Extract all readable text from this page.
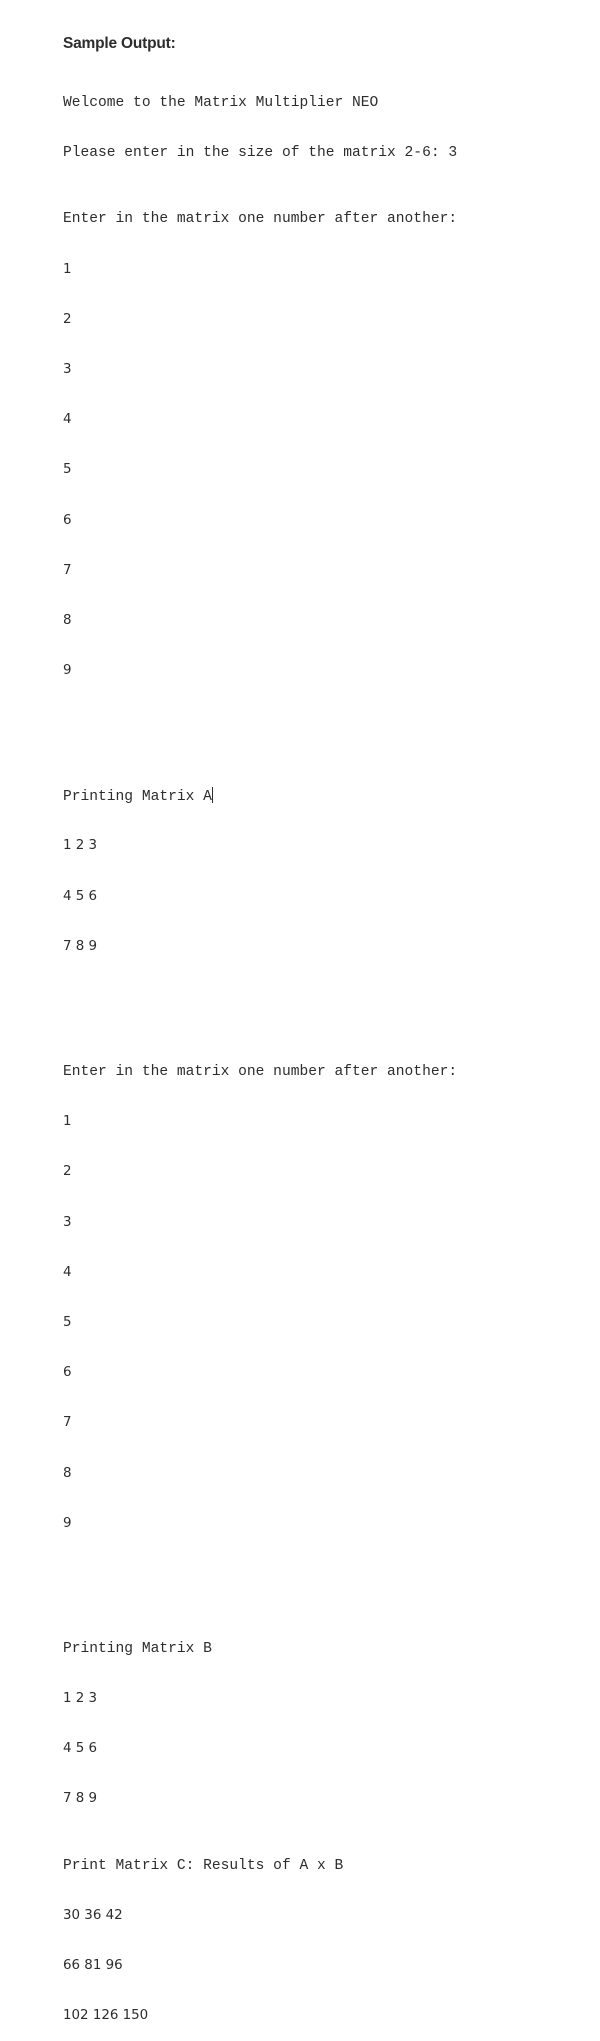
Sample Output:

Welcome to the Matrix Multiplier NEO

Please enter in the size of the matrix 2-6: 3

Enter in the matrix one number after another:

1

2

3

4

5

6

7

8

9

Printing Matrix A

1 2 3

4 5 6

7 8 9

Enter in the matrix one number after another:

1

2

3

4

5

6

7

8

9

Printing Matrix B

1 2 3

4 5 6

7 8 9

Print Matrix C: Results of A x B

30 36 42

66 81 96

102 126 150
